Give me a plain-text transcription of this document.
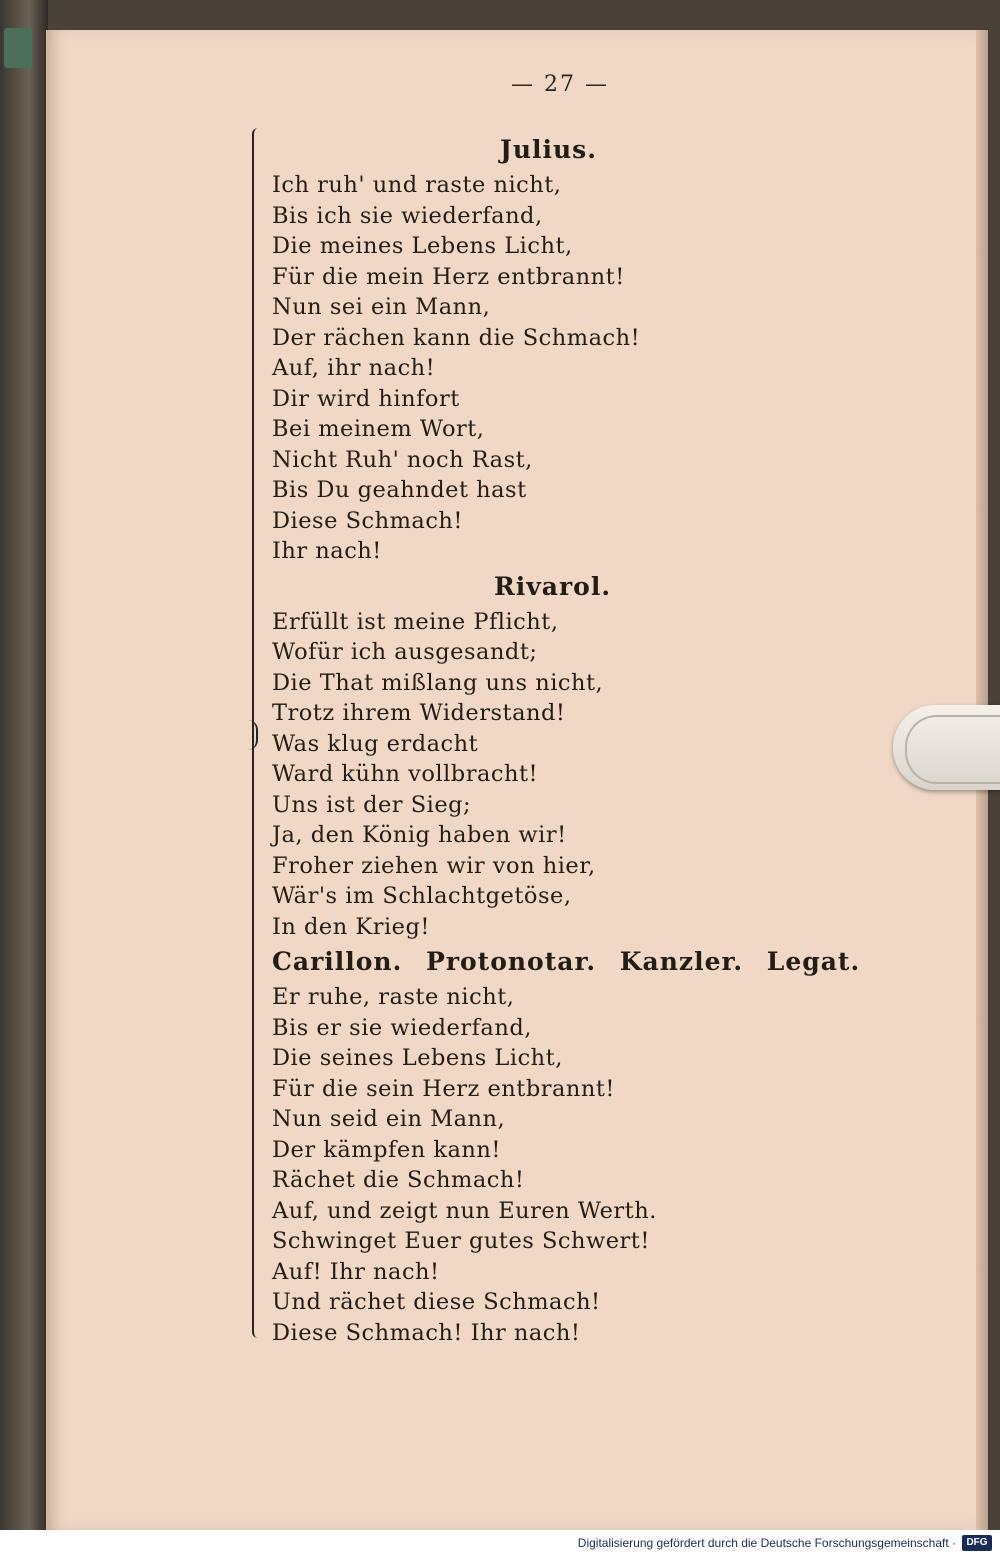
— 27 —
Julius.
Ich ruh' und raste nicht,
Bis ich sie wiederfand,
Die meines Lebens Licht,
Für die mein Herz entbrannt!
Nun sei ein Mann,
Der rächen kann die Schmach!
Auf, ihr nach!
Dir wird hinfort
Bei meinem Wort,
Nicht Ruh' noch Rast,
Bis Du geahndet hast
Diese Schmach!
Ihr nach!
Rivarol.
Erfüllt ist meine Pflicht,
Wofür ich ausgesandt;
Die That mißlang uns nicht,
Trotz ihrem Widerstand!
Was klug erdacht
Ward kühn vollbracht!
Uns ist der Sieg;
Ja, den König haben wir!
Froher ziehen wir von hier,
Wär's im Schlachtgetöse,
In den Krieg!
Carillon. Protonotar. Kanzler. Legat.
Er ruhe, raste nicht,
Bis er sie wiederfand,
Die seines Lebens Licht,
Für die sein Herz entbrannt!
Nun seid ein Mann,
Der kämpfen kann!
Rächet die Schmach!
Auf, und zeigt nun Euren Werth.
Schwinget Euer gutes Schwert!
Auf! Ihr nach!
Und rächet diese Schmach!
Diese Schmach! Ihr nach!
Digitalisierung gefördert durch die Deutsche Forschungsgemeinschaft ·	DFG
